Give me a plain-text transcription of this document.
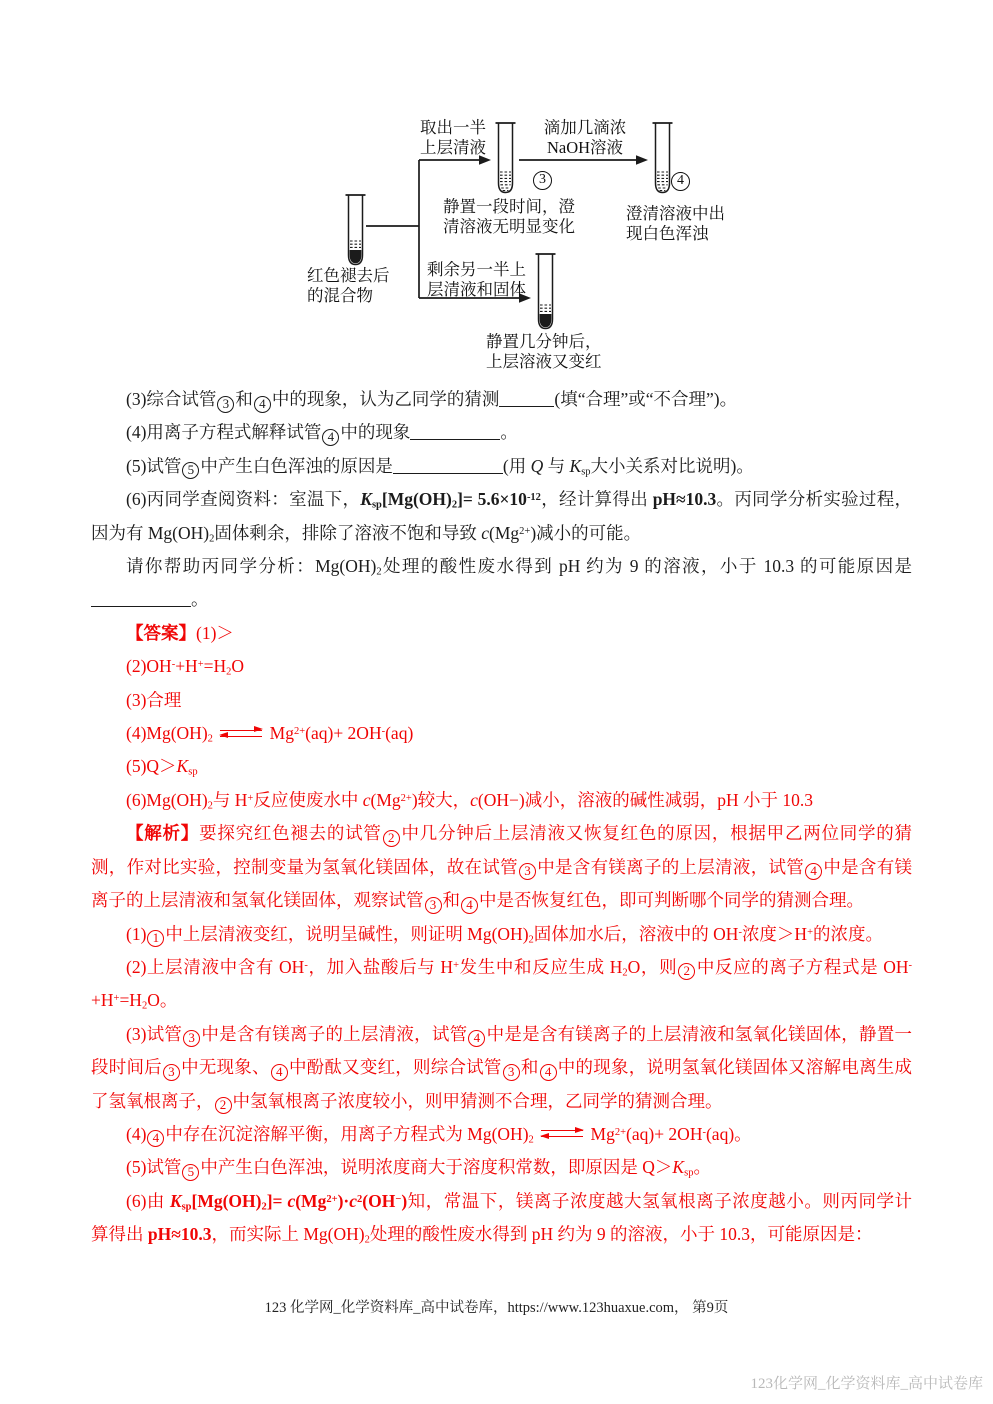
红色褪去后
的混合物
取出一半
上层清液
滴加几滴浓
NaOH溶液
3	4
静置一段时间，澄
清溶液无明显变化
澄清溶液中出
现白色浑浊
剩余另一半上
层清液和固体
静置几分钟后，
上层溶液又变红

(3)综合试管 3 和 4 中的现象，认为乙同学的猜测	(填“合理”或“不合理”)。

(4)用离子方程式解释试管 4 中的现象	。

(5)试管 5 中产生白色浑浊的原因是	(用 Q 与 $K_{sp}$大小关系对比说明)。

(6)丙同学查阅资料：室温下，$K_{sp}[Mg(OH)_2]= 5.6\times 10^{-12}$，经计算得出 pH≈10.3。丙同学分析实验过程，因为有 $Mg(OH)_2$固体剩余，排除了溶液不饱和导致 $c(Mg^{2+})$减小的可能。

请你帮助丙同学分析：$Mg(OH)_2$处理的酸性废水得到 pH 约为 9 的溶液，小于 10.3 的可能原因是。

【答案】(1)＞

$(2)OH^-+H^+=H_2O$

(3)合理

$(4)Mg(OH)_2$	$Mg^{2+}(aq)+ 2OH^-(aq)$

$(5)Q>K_{sp}$

$(6)Mg(OH)_2$与 H+反应使废水中 $c(Mg^{2+})$较大，c(OH−)减小，溶液的碱性减弱，pH 小于 10.3

【解析】要探究红色褪去的试管 2 中几分钟后上层清液又恢复红色的原因，根据甲乙两位同学的猜测，作对比实验，控制变量为氢氧化镁固体，故在试管 3 中是含有镁离子的上层清液，试管 4 中是含有镁离子的上层清液和氢氧化镁固体，观察试管 3 和 4 中是否恢复红色，即可判断哪个同学的猜测合理。

(1) 1 中上层清液变红，说明呈碱性，则证明 $Mg(OH)_2$固体加水后，溶液中的 OH-浓度＞H+的浓度。

(2)上层清液中含有 OH-，加入盐酸后与 H+发生中和反应生成 $H_2O$，则 2 中反应的离子方程式是 $OH^-+H^+=H_2O$。

(3)试管 3 中是含有镁离子的上层清液，试管 4 中是是含有镁离子的上层清液和氢氧化镁固体，静置一段时间后 3 中无现象、 4 中酚酞又变红，则综合试管 3 和 4 中的现象，说明氢氧化镁固体又溶解电离生成了氢氧根离子， 2 中氢氧根离子浓度较小，则甲猜测不合理，乙同学的猜测合理。

(4) 4 中存在沉淀溶解平衡，用离子方程式为 $Mg(OH)_2$	$Mg^{2+}(aq)+ 2OH^-(aq)$。

(5)试管 5 中产生白色浑浊，说明浓度商大于溶度积常数，即原因是 $Q>K_{sp}$。

(6)由 $K_{sp}[Mg(OH)_2]= c(Mg^{2+})\cdot c^2(OH^-)$知，常温下，镁离子浓度越大氢氧根离子浓度越小。则丙同学计算得出 pH≈10.3，而实际上 $Mg(OH)_2$处理的酸性废水得到 pH 约为 9 的溶液，小于 10.3，可能原因是：

123 化学网_化学资料库_高中试卷库，https://www.123huaxue.com， 第9页
123化学网_化学资料库_高中试卷库
